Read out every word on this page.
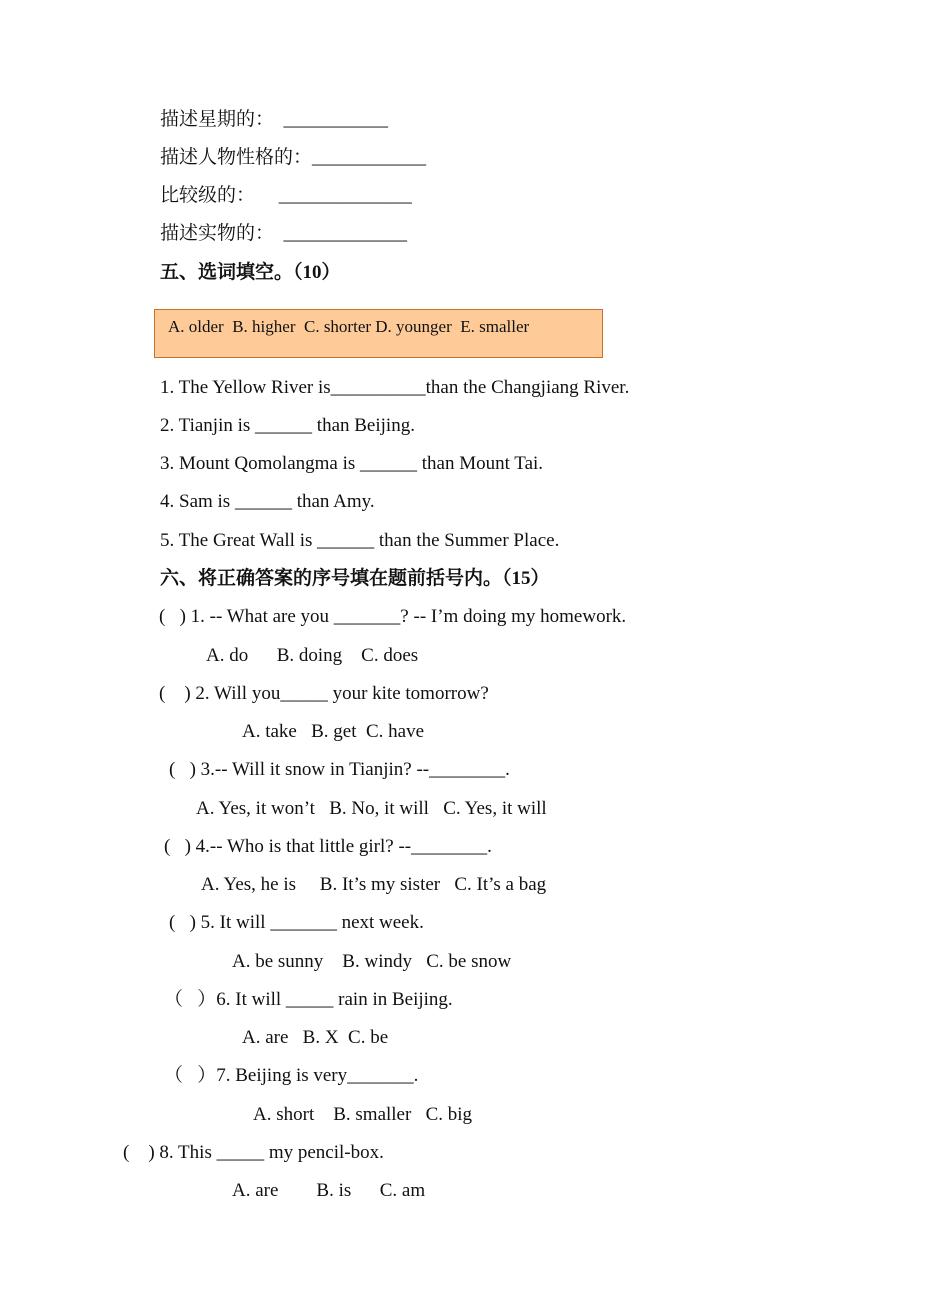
描述星期的：  ___________
描述人物性格的：____________
比较级的：     ______________
描述实物的：  _____________
五、选词填空。（10）
A. older  B. higher  C. shorter D. younger  E. smaller
1. The Yellow River is__________than the Changjiang River.
2. Tianjin is ______ than Beijing.
3. Mount Qomolangma is ______ than Mount Tai.
4. Sam is ______ than Amy.
5. The Great Wall is ______ than the Summer Place.
六、将正确答案的序号填在题前括号内。（15）
(   ) 1. -- What are you _______? -- I’m doing my homework.
A. do      B. doing    C. does
(    ) 2. Will you_____ your kite tomorrow?
A. take   B. get  C. have
(   ) 3.-- Will it snow in Tianjin? --________.
A. Yes, it won’t   B. No, it will   C. Yes, it will
(   ) 4.-- Who is that little girl? --________.
A. Yes, he is     B. It’s my sister   C. It’s a bag
(   ) 5. It will _______ next week.
A. be sunny    B. windy   C. be snow
（   ）6. It will _____ rain in Beijing.
A. are   B. X  C. be
（   ）7. Beijing is very_______.
A. short    B. smaller   C. big
(    ) 8. This _____ my pencil-box.
A. are        B. is      C. am
